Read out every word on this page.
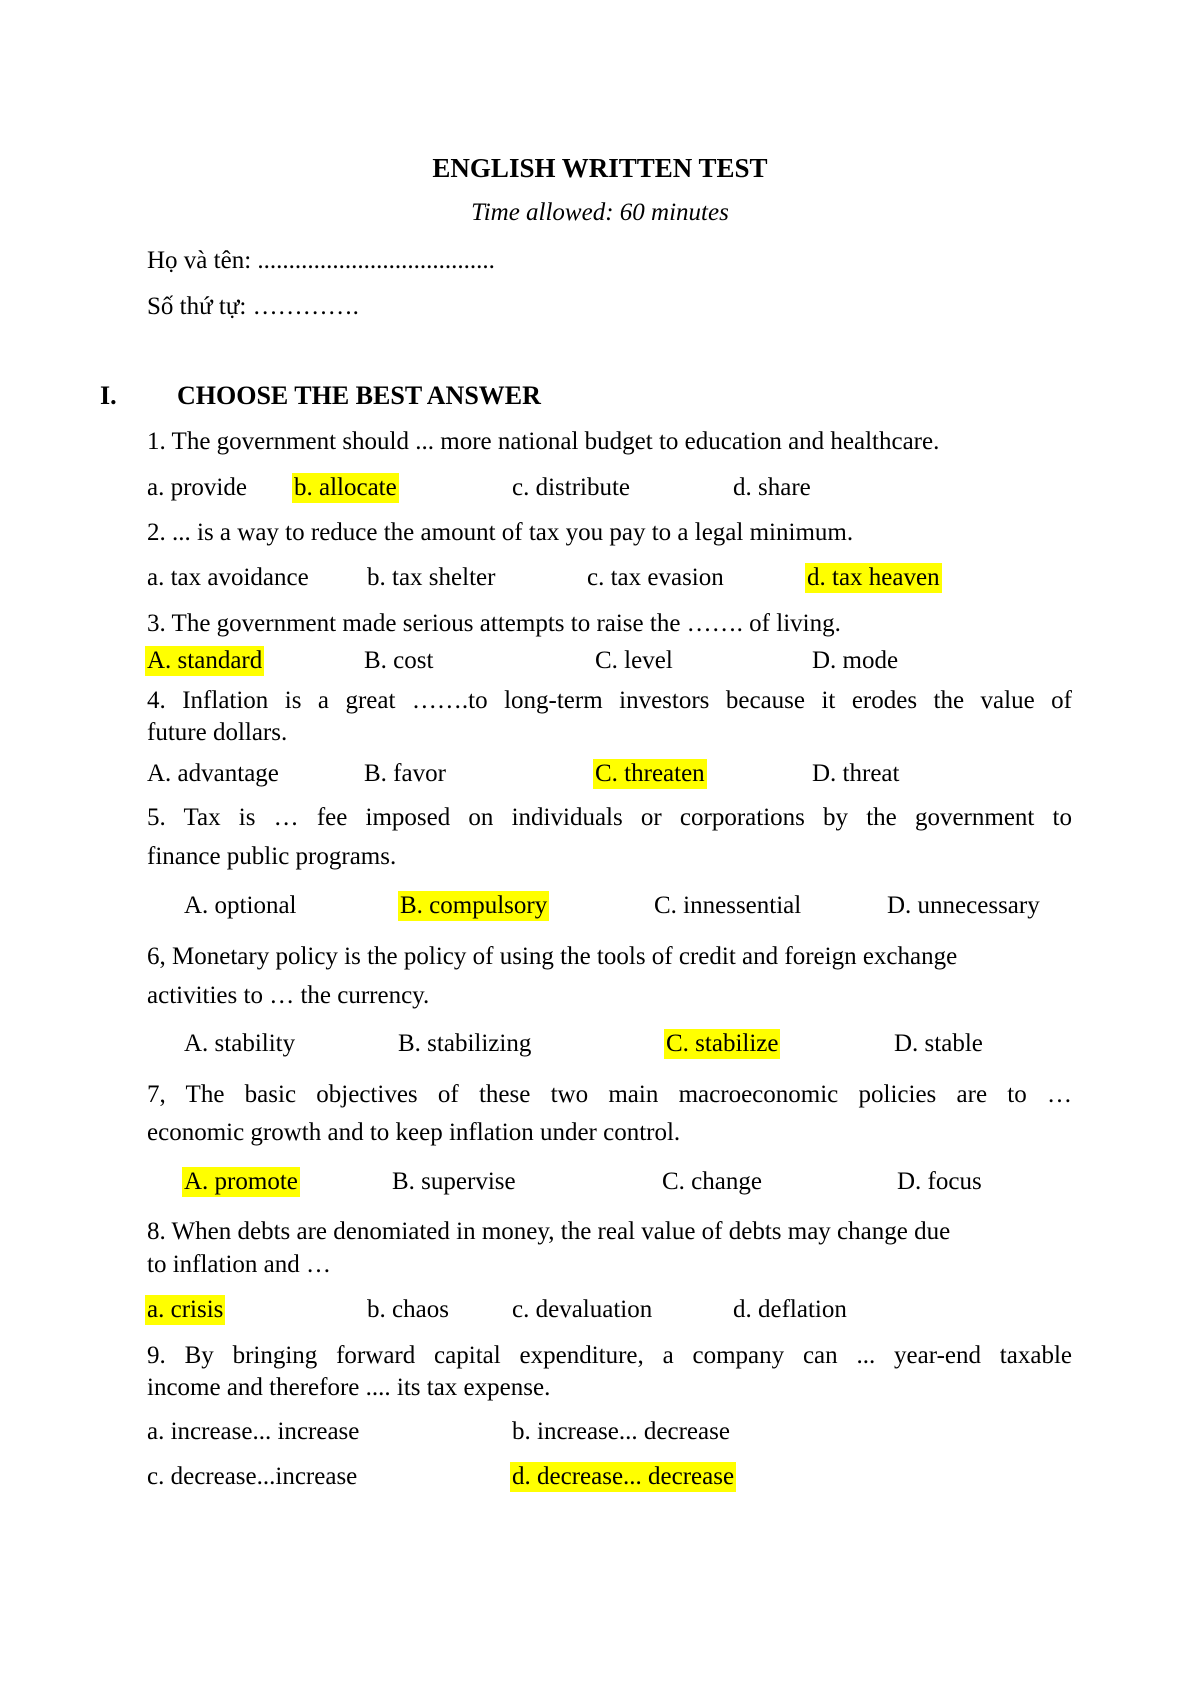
ENGLISH WRITTEN TEST
Time allowed: 60 minutes
Họ và tên: ......................................
Số thứ tự: ………….
I. CHOOSE THE BEST ANSWER
1. The government should ... more national budget to education and healthcare.
a. provide b. allocate	c. distribute	d. share
2. ... is a way to reduce the amount of tax you pay to a legal minimum.
a. tax avoidance b. tax shelter	c. tax evasion	d. tax heaven
3. The government made serious attempts to raise the ……. of living.
A. standard	B. cost	C. level	D. mode
4. Inflation is a great …….to long-term investors because it erodes the value of
future dollars.
A. advantage	B. favor	C. threaten	D. threat
5. Tax is … fee imposed on individuals or corporations by the government to
finance public programs.
A. optional	B. compulsory	C. innessential	D. unnecessary
6, Monetary policy is the policy of using the tools of credit and foreign exchange
activities to … the currency.
A. stability	B. stabilizing	C. stabilize	D. stable
7, The basic objectives of these two main macroeconomic policies are to …
economic growth and to keep inflation under control.
A. promote	B. supervise	C. change	D. focus
8. When debts are denomiated in money, the real value of debts may change due
to inflation and …
a. crisis	b. chaos	c. devaluation	d. deflation
9. By bringing forward capital expenditure, a company can ... year-end taxable
income and therefore .... its tax expense.
a. increase... increase	b. increase... decrease
c. decrease...increase	d. decrease... decrease
